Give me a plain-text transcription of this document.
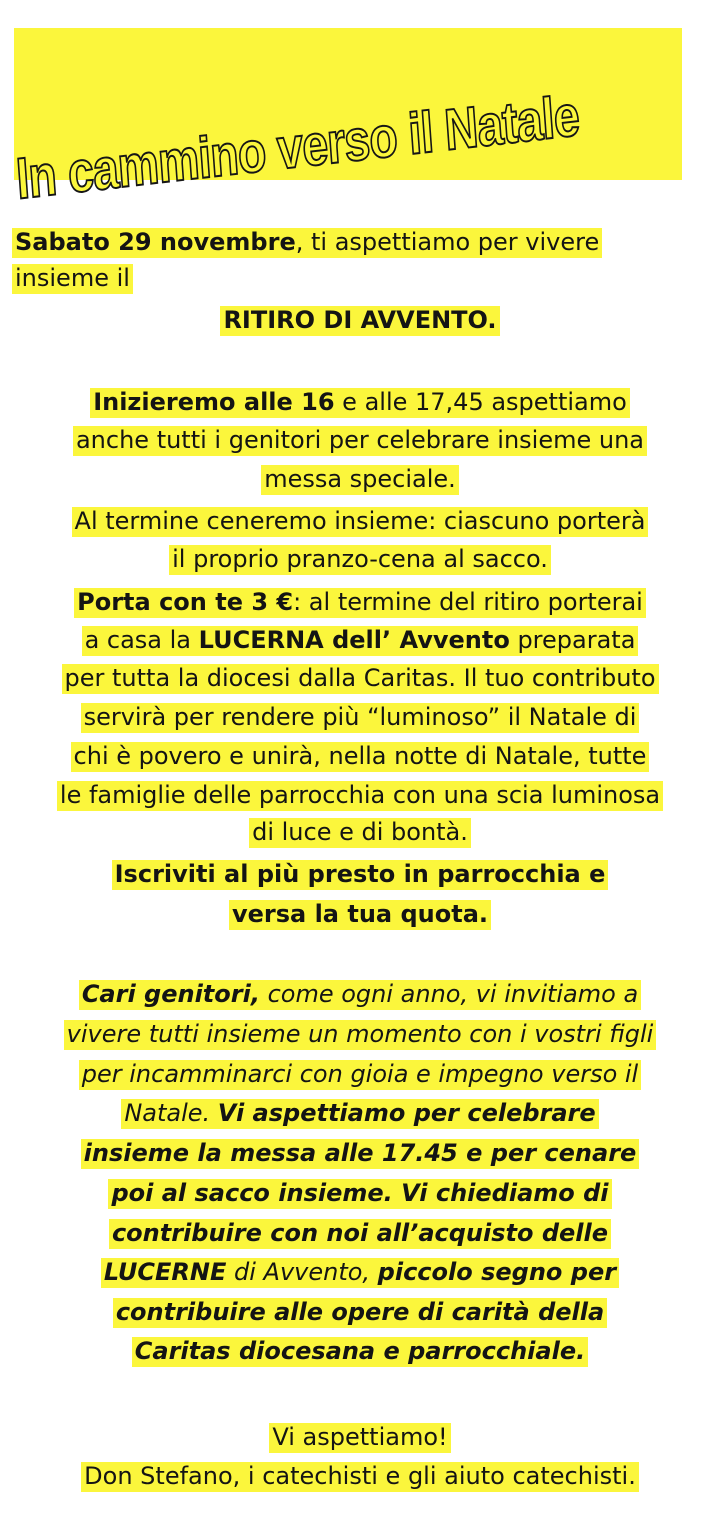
In cammino verso il Natale
Sabato 29 novembre, ti aspettiamo per vivere
insieme il
RITIRO DI AVVENTO.
Inizieremo alle 16 e alle 17,45 aspettiamo
anche tutti i genitori per celebrare insieme una
messa speciale.
Al termine ceneremo insieme: ciascuno porterà
il proprio pranzo-cena al sacco.
Porta con te 3 €: al termine del ritiro porterai
a casa la LUCERNA dell’ Avvento preparata
per tutta la diocesi dalla Caritas. Il tuo contributo
servirà per rendere più “luminoso” il Natale di
chi è povero e unirà, nella notte di Natale, tutte
le famiglie delle parrocchia con una scia luminosa
di luce e di bontà.
Iscriviti al più presto in parrocchia e
versa la tua quota.
Cari genitori, come ogni anno, vi invitiamo a
vivere tutti insieme un momento con i vostri figli
per incamminarci con gioia e impegno verso il
Natale. Vi aspettiamo per celebrare
insieme la messa alle 17.45 e per cenare
poi al sacco insieme. Vi chiediamo di
contribuire con noi all’acquisto delle
LUCERNE di Avvento, piccolo segno per
contribuire alle opere di carità della
Caritas diocesana e parrocchiale.
Vi aspettiamo!
Don Stefano, i catechisti e gli aiuto catechisti.
